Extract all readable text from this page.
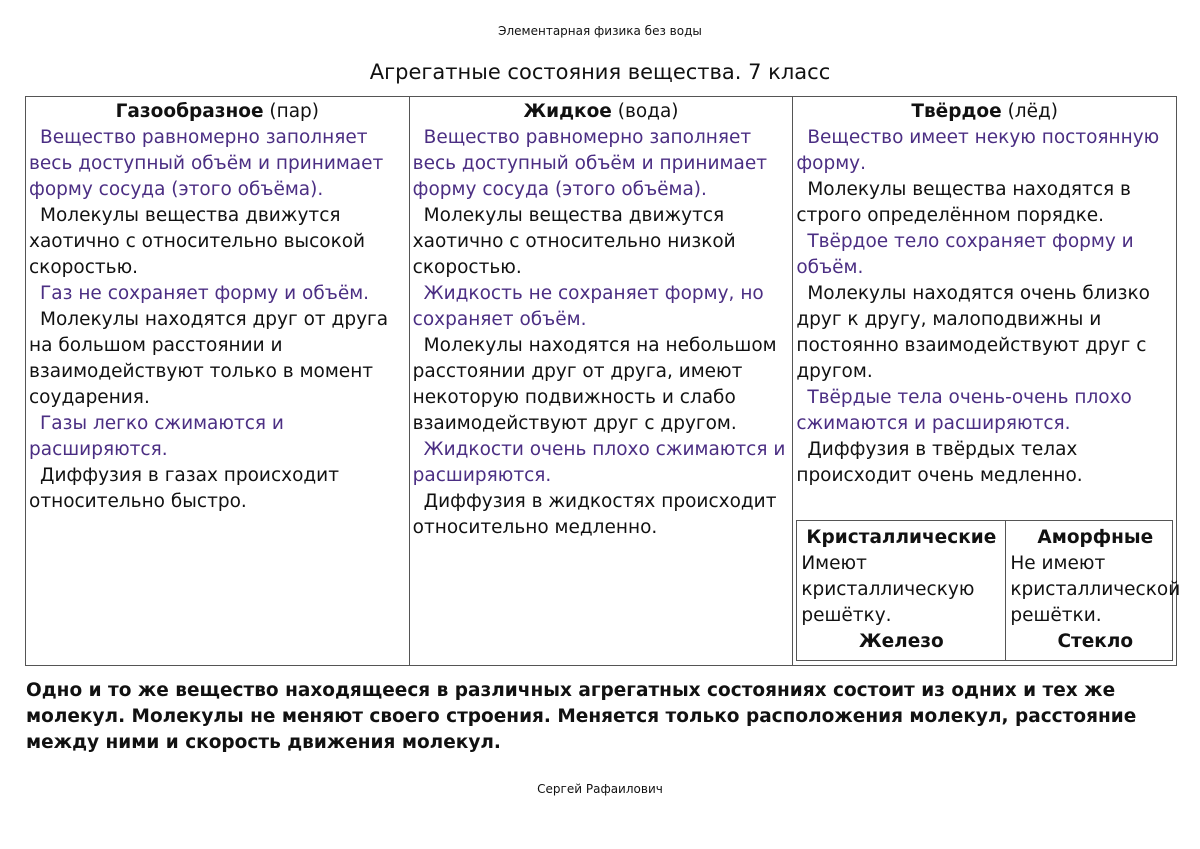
Элементарная физика без воды
Агрегатные состояния вещества. 7 класс
Газообразное (пар)

Вещество равномерно заполняет весь доступный объём и принимает форму сосуда (этого объёма).

Молекулы вещества движутся хаотично с относительно высокой скоростью.

Газ не сохраняет форму и объём.

Молекулы находятся друг от друга на большом расстоянии и взаимодействуют только в момент соударения.

Газы легко сжимаются и расширяются.

Диффузия в газах происходит относительно быстро.

Жидкое (вода)

Вещество равномерно заполняет весь доступный объём и принимает форму сосуда (этого объёма).

Молекулы вещества движутся хаотично с относительно низкой скоростью.

Жидкость не сохраняет форму, но сохраняет объём.

Молекулы находятся на небольшом расстоянии друг от друга, имеют некоторую подвижность и слабо взаимодействуют друг с другом.

Жидкости очень плохо сжимаются и расширяются.

Диффузия в жидкостях происходит относительно медленно.

Твёрдое (лёд)

Вещество имеет некую постоянную форму.

Молекулы вещества находятся в строго определённом порядке.

Твёрдое тело сохраняет форму и объём.

Молекулы находятся очень близко друг к другу, малоподвижны и постоянно взаимодействуют друг с другом.

Твёрдые тела очень-очень плохо сжимаются и расширяются.

Диффузия в твёрдых телах происходит очень медленно.

Кристаллические
Имеют кристаллическую решётку.
Железо
Аморфные
Не имеют кристаллической решётки.
Стекло
Одно и то же вещество находящееся в различных агрегатных состояниях состоит из одних и тех же молекул. Молекулы не меняют своего строения. Меняется только расположения молекул, расстояние между ними и скорость движения молекул.
Сергей Рафаилович
